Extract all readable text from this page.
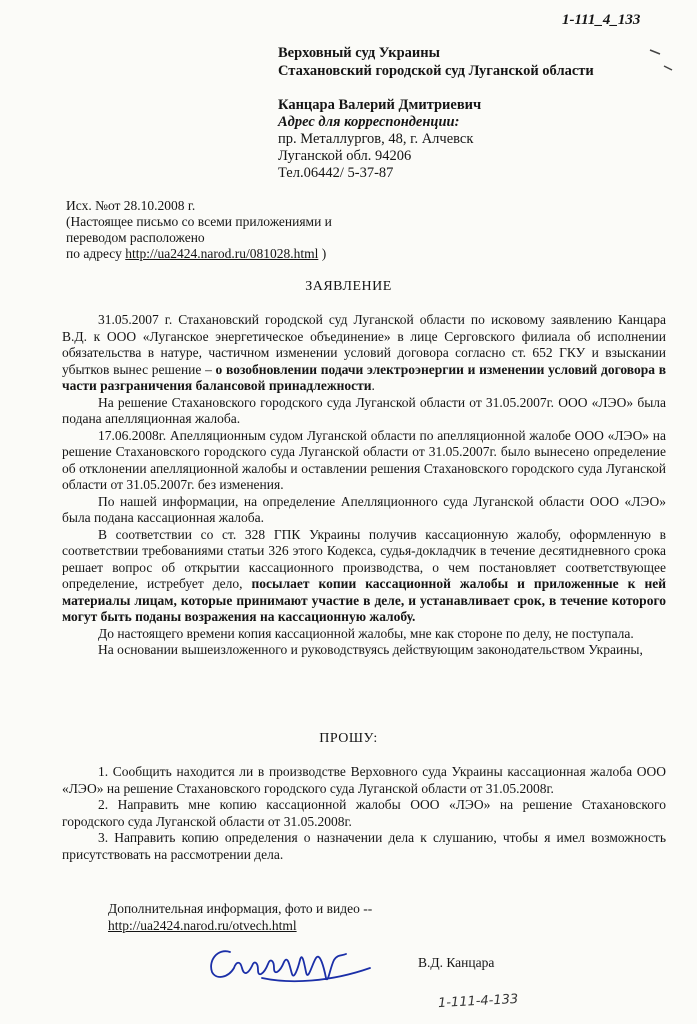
1-111_4_133
Верховный суд Украины
Стахановский городской суд Луганской области
Канцара Валерий Дмитриевич
Адрес для корреспонденции:
пр. Металлургов, 48, г. Алчевск
Луганской обл. 94206
Тел.06442/ 5-37-87
Исх. №от 28.10.2008 г.
(Настоящее письмо со всеми приложениями и
переводом расположено
по адресу http://ua2424.narod.ru/081028.html )
ЗАЯВЛЕНИЕ

31.05.2007 г. Стахановский городской суд Луганской области по исковому заявлению Канцара В.Д. к ООО «Луганское энергетическое объединение» в лице Серговского филиала об исполнении обязательства в натуре, частичном изменении условий договора согласно ст. 652 ГКУ и взыскании убытков вынес решение – о возобновлении подачи электроэнергии и изменении условий договора в части разграничения балансовой принадлежности.

На решение Стахановского городского суда Луганской области от 31.05.2007г. ООО «ЛЭО» была подана апелляционная жалоба.

17.06.2008г. Апелляционным судом Луганской области по апелляционной жалобе ООО «ЛЭО» на решение Стахановского городского суда Луганской области от 31.05.2007г. было вынесено определение об отклонении апелляционной жалобы и оставлении решения Стахановского городского суда Луганской области от 31.05.2007г. без изменения.

По нашей информации, на определение Апелляционного суда Луганской области ООО «ЛЭО» была подана кассационная жалоба.

В соответствии со ст. 328 ГПК Украины получив кассационную жалобу, оформленную в соответствии требованиями статьи 326 этого Кодекса, судья-докладчик в течение десятидневного срока решает вопрос об открытии кассационного производства, о чем постановляет соответствующее определение, истребует дело, посылает копии кассационной жалобы и приложенные к ней материалы лицам, которые принимают участие в деле, и устанавливает срок, в течение которого могут быть поданы возражения на кассационную жалобу.

До настоящего времени копия кассационной жалобы, мне как стороне по делу, не поступала.

На основании вышеизложенного и руководствуясь действующим законодательством Украины,

ПРОШУ:

1. Сообщить находится ли в производстве Верховного суда Украины кассационная жалоба ООО «ЛЭО» на решение Стахановского городского суда Луганской области от 31.05.2008г.

2. Направить мне копию кассационной жалобы ООО «ЛЭО» на решение Стахановского городского суда Луганской области от 31.05.2008г.

3. Направить копию определения о назначении дела к слушанию, чтобы я имел возможность присутствовать на рассмотрении дела.

Дополнительная информация, фото и видео --
http://ua2424.narod.ru/otvech.html
В.Д. Канцара
1-111-4-133
